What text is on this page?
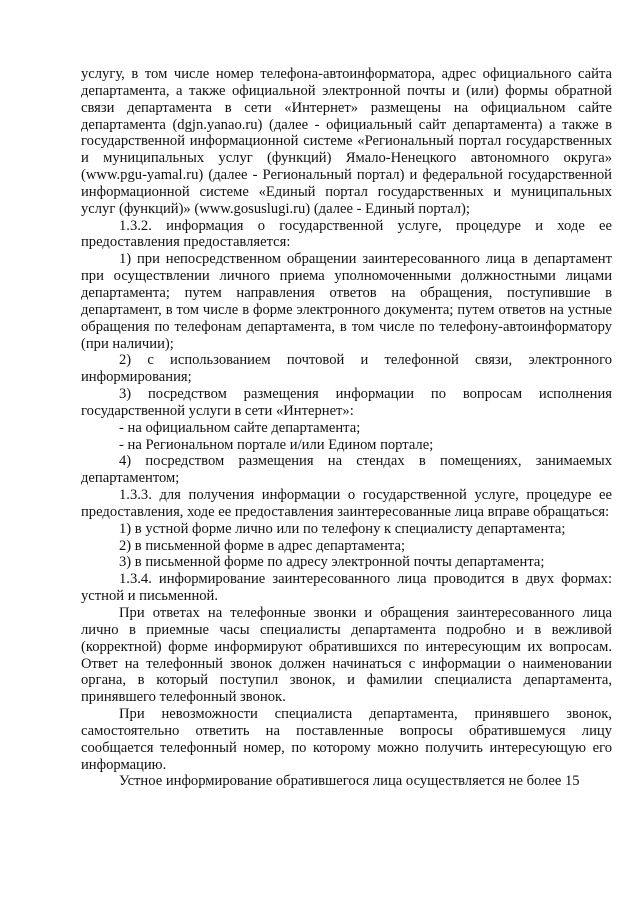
услугу, в том числе номер телефона-автоинформатора, адрес официального сайта департамента, а также официальной электронной почты и (или) формы обратной связи департамента в сети «Интернет» размещены на официальном сайте департамента (dgjn.yanao.ru) (далее - официальный сайт департамента) а также в государственной информационной системе «Региональный портал государственных и муниципальных услуг (функций) Ямало-Ненецкого автономного округа» (www.pgu-yamal.ru) (далее - Региональный портал) и федеральной государственной информационной системе «Единый портал государственных и муниципальных услуг (функций)» (www.gosuslugi.ru) (далее - Единый портал);

1.3.2. информация о государственной услуге, процедуре и ходе ее предоставления предоставляется:

1) при непосредственном обращении заинтересованного лица в департамент при осуществлении личного приема уполномоченными должностными лицами департамента; путем направления ответов на обращения, поступившие в департамент, в том числе в форме электронного документа; путем ответов на устные обращения по телефонам департамента, в том числе по телефону-автоинформатору (при наличии);

2) с использованием почтовой и телефонной связи, электронного информирования;

3) посредством размещения информации по вопросам исполнения государственной услуги в сети «Интернет»:

- на официальном сайте департамента;

- на Региональном портале и/или Едином портале;

4) посредством размещения на стендах в помещениях, занимаемых департаментом;

1.3.3. для получения информации о государственной услуге, процедуре ее предоставления, ходе ее предоставления заинтересованные лица вправе обращаться:

1) в устной форме лично или по телефону к специалисту департамента;

2) в письменной форме в адрес департамента;

3) в письменной форме по адресу электронной почты департамента;

1.3.4. информирование заинтересованного лица проводится в двух формах: устной и письменной.

При ответах на телефонные звонки и обращения заинтересованного лица лично в приемные часы специалисты департамента подробно и в вежливой (корректной) форме информируют обратившихся по интересующим их вопросам. Ответ на телефонный звонок должен начинаться с информации о наименовании органа, в который поступил звонок, и фамилии специалиста департамента, принявшего телефонный звонок.

При невозможности специалиста департамента, принявшего звонок, самостоятельно ответить на поставленные вопросы обратившемуся лицу сообщается телефонный номер, по которому можно получить интересующую его информацию.

Устное информирование обратившегося лица осуществляется не более 15
